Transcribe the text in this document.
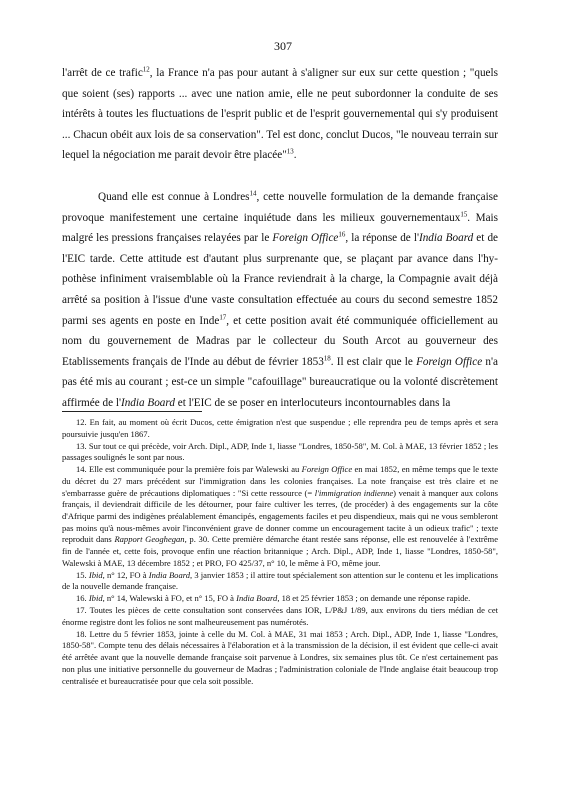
307

l'arrêt de ce trafic$^{12}$, la France n'a pas pour autant à s'aligner sur eux sur cette question ; "quels que soient (ses) rapports ... avec une nation amie, elle ne peut subordonner la conduite de ses intérêts à toutes les fluctuations de l'esprit public et de l'esprit gouvernemental qui s'y produisent ... Chacun obéit aux lois de sa conservation". Tel est donc, conclut Ducos, "le nouveau terrain sur lequel la négociation me parait devoir être placée"$^{13}$.

Quand elle est connue à Londres$^{14}$, cette nouvelle formulation de la demande française provoque manifestement une certaine inquiétude dans les milieux gouvernementaux$^{15}$. Mais malgré les pressions françaises relayées par le Foreign Office$^{16}$, la réponse de l'India Board et de l'EIC tarde. Cette attitude est d'autant plus surprenante que, se plaçant par avance dans l'hypothèse infiniment vraisemblable où la France reviendrait à la charge, la Compagnie avait déjà arrêté sa position à l'issue d'une vaste consultation effectuée au cours du second semestre 1852 parmi ses agents en poste en Inde$^{17}$, et cette position avait été communiquée officiellement au nom du gouvernement de Madras par le collecteur du South Arcot au gouverneur des Etablissements français de l'Inde au début de février 1853$^{18}$. Il est clair que le Foreign Office n'a pas été mis au courant ; est-ce un simple "cafouillage" bureaucratique ou la volonté discrètement affirmée de l'India Board et l'EIC de se poser en interlocuteurs incontournables dans la

12. En fait, au moment où écrit Ducos, cette émigration n'est que suspendue ; elle reprendra peu de temps après et sera poursuivie jusqu'en 1867.

13. Sur tout ce qui précède, voir Arch. Dipl., ADP, Inde 1, liasse "Londres, 1850-58", M. Col. à MAE, 13 février 1852 ; les passages soulignés le sont par nous.

14. Elle est communiquée pour la première fois par Walewski au Foreign Office en mai 1852, en même temps que le texte du décret du 27 mars précédent sur l'immigration dans les colonies françaises. La note française est très claire et ne s'embarrasse guère de précautions diplomatiques : "Si cette ressource (= l'immigration indienne) venait à manquer aux colons français, il deviendrait difficile de les détourner, pour faire cultiver les terres, (de procéder) à des engagements sur la côte d'Afrique parmi des indigènes préalablement émancipés, engagements faciles et peu dispendieux, mais qui ne vous sembleront pas moins qu'à nous-mêmes avoir l'inconvénient grave de donner comme un encouragement tacite à un odieux trafic" ; texte reproduit dans Rapport Geoghegan, p. 30. Cette première démarche étant restée sans réponse, elle est renouvelée à l'extrême fin de l'année et, cette fois, provoque enfin une réaction britannique ; Arch. Dipl., ADP, Inde 1, liasse "Londres, 1850-58", Walewski à MAE, 13 décembre 1852 ; et PRO, FO 425/37, n° 10, le même à FO, même jour.

15. Ibid, n° 12, FO à India Board, 3 janvier 1853 ; il attire tout spécialement son attention sur le contenu et les implications de la nouvelle demande française.

16. Ibid, n° 14, Walewski à FO, et n° 15, FO à India Board, 18 et 25 février 1853 ; on demande une réponse rapide.

17. Toutes les pièces de cette consultation sont conservées dans IOR, L/P&J 1/89, aux environs du tiers médian de cet énorme registre dont les folios ne sont malheureusement pas numérotés.

18. Lettre du 5 février 1853, jointe à celle du M. Col. à MAE, 31 mai 1853 ; Arch. Dipl., ADP, Inde 1, liasse "Londres, 1850-58". Compte tenu des délais nécessaires à l'élaboration et à la transmission de la décision, il est évident que celle-ci avait été arrêtée avant que la nouvelle demande française soit parvenue à Londres, six semaines plus tôt. Ce n'est certainement pas non plus une initiative personnelle du gouverneur de Madras ; l'administration coloniale de l'Inde anglaise était beaucoup trop centralisée et bureaucratisée pour que cela soit possible.
